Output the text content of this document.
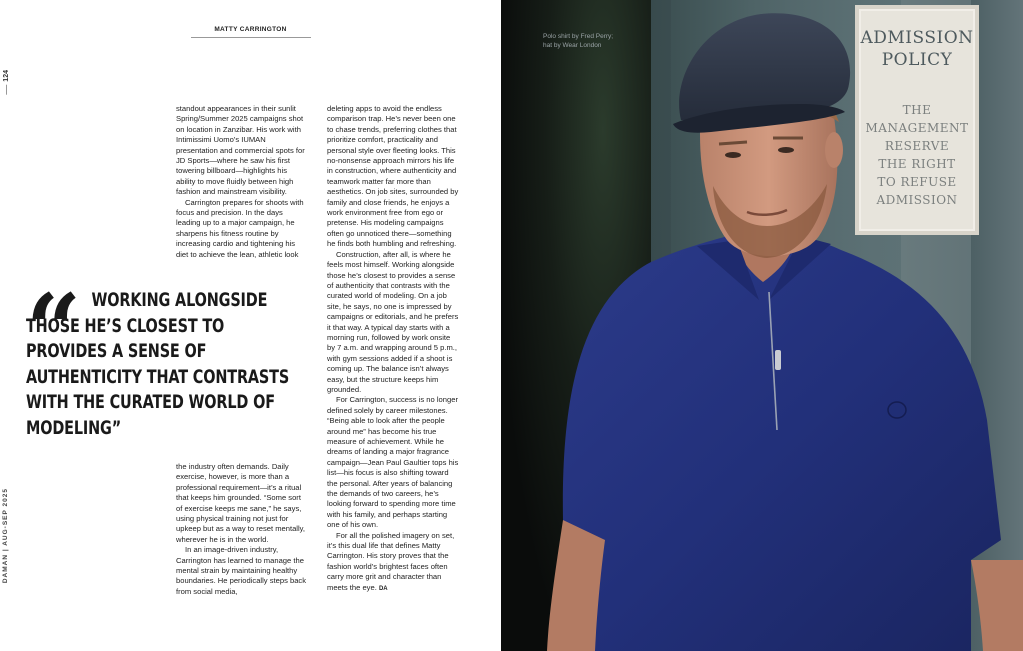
MATTY CARRINGTON
124
DAMAN | AUG-SEP 2025
“ WORKING ALONGSIDE
THOSE HE’S CLOSEST TO PROVIDES A SENSE OF AUTHENTICITY THAT CONTRASTS WITH THE CURATED WORLD OF MODELING”

standout appearances in their sunlit Spring/Summer 2025 campaigns shot on location in Zanzibar. His work with Intimissimi Uomo’s IUMAN presentation and commercial spots for JD Sports—where he saw his first towering billboard—highlights his ability to move fluidly between high fashion and mainstream visibility.

Carrington prepares for shoots with focus and precision. In the days leading up to a major campaign, he sharpens his fitness routine by increasing cardio and tightening his diet to achieve the lean, athletic look

the industry often demands. Daily exercise, however, is more than a professional requirement—it’s a ritual that keeps him grounded. “Some sort of exercise keeps me sane,” he says, using physical training not just for upkeep but as a way to reset mentally, wherever he is in the world.

In an image-driven industry, Carrington has learned to manage the mental strain by maintaining healthy boundaries. He periodically steps back from social media,

deleting apps to avoid the endless comparison trap. He’s never been one to chase trends, preferring clothes that prioritize comfort, practicality and personal style over fleeting looks. This no-nonsense approach mirrors his life in construction, where authenticity and teamwork matter far more than aesthetics. On job sites, surrounded by family and close friends, he enjoys a work environment free from ego or pretense. His modeling campaigns often go unnoticed there—something he finds both humbling and refreshing.

Construction, after all, is where he feels most himself. Working alongside those he’s closest to provides a sense of authenticity that contrasts with the curated world of modeling. On a job site, he says, no one is impressed by campaigns or editorials, and he prefers it that way. A typical day starts with a morning run, followed by work onsite by 7 a.m. and wrapping around 5 p.m., with gym sessions added if a shoot is coming up. The balance isn’t always easy, but the structure keeps him grounded.

For Carrington, success is no longer defined solely by career milestones. “Being able to look after the people around me” has become his true measure of achievement. While he dreams of landing a major fragrance campaign—Jean Paul Gaultier tops his list—his focus is also shifting toward the personal. After years of balancing the demands of two careers, he’s looking forward to spending more time with his family, and perhaps starting one of his own.

For all the polished imagery on set, it’s this dual life that defines Matty Carrington. His story proves that the fashion world’s brightest faces often carry more grit and character than meets the eye. DA

ADMISSION
POLICY
THE
MANAGEMENT
RESERVE
THE RIGHT
TO REFUSE
ADMISSION
Polo shirt by Fred Perry;
hat by Wear London
